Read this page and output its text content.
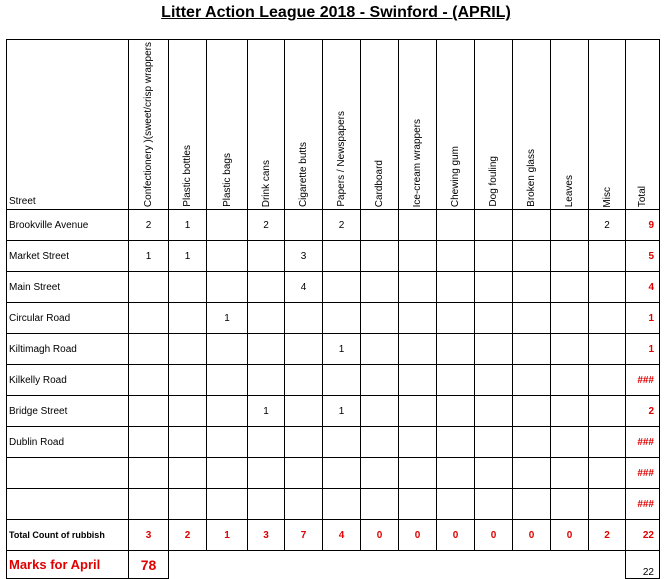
Litter Action League 2018 - Swinford - (APRIL)
Street	Confectionery )(sweet/crisp wrappers	Plastic bottles	Plastic bags	Drink cans	Cigarette butts	Papers / Newspapers	Cardboard	Ice-cream wrappers	Chewing gum	Dog fouling	Broken glass	Leaves	Misc	Total

Brookville Avenue	2	1		2		2							2	9
Market Street	1	1			3									5
Main Street					4									4
Circular Road			1											1
Kiltimagh Road						1								1
Kilkelly Road														###
Bridge Street				1		1								2
Dublin Road														###
														###
														###
Total Count of rubbish	3	2	1	3	7	4	0	0	0	0	0	0	2	22
Marks for April	78													22
